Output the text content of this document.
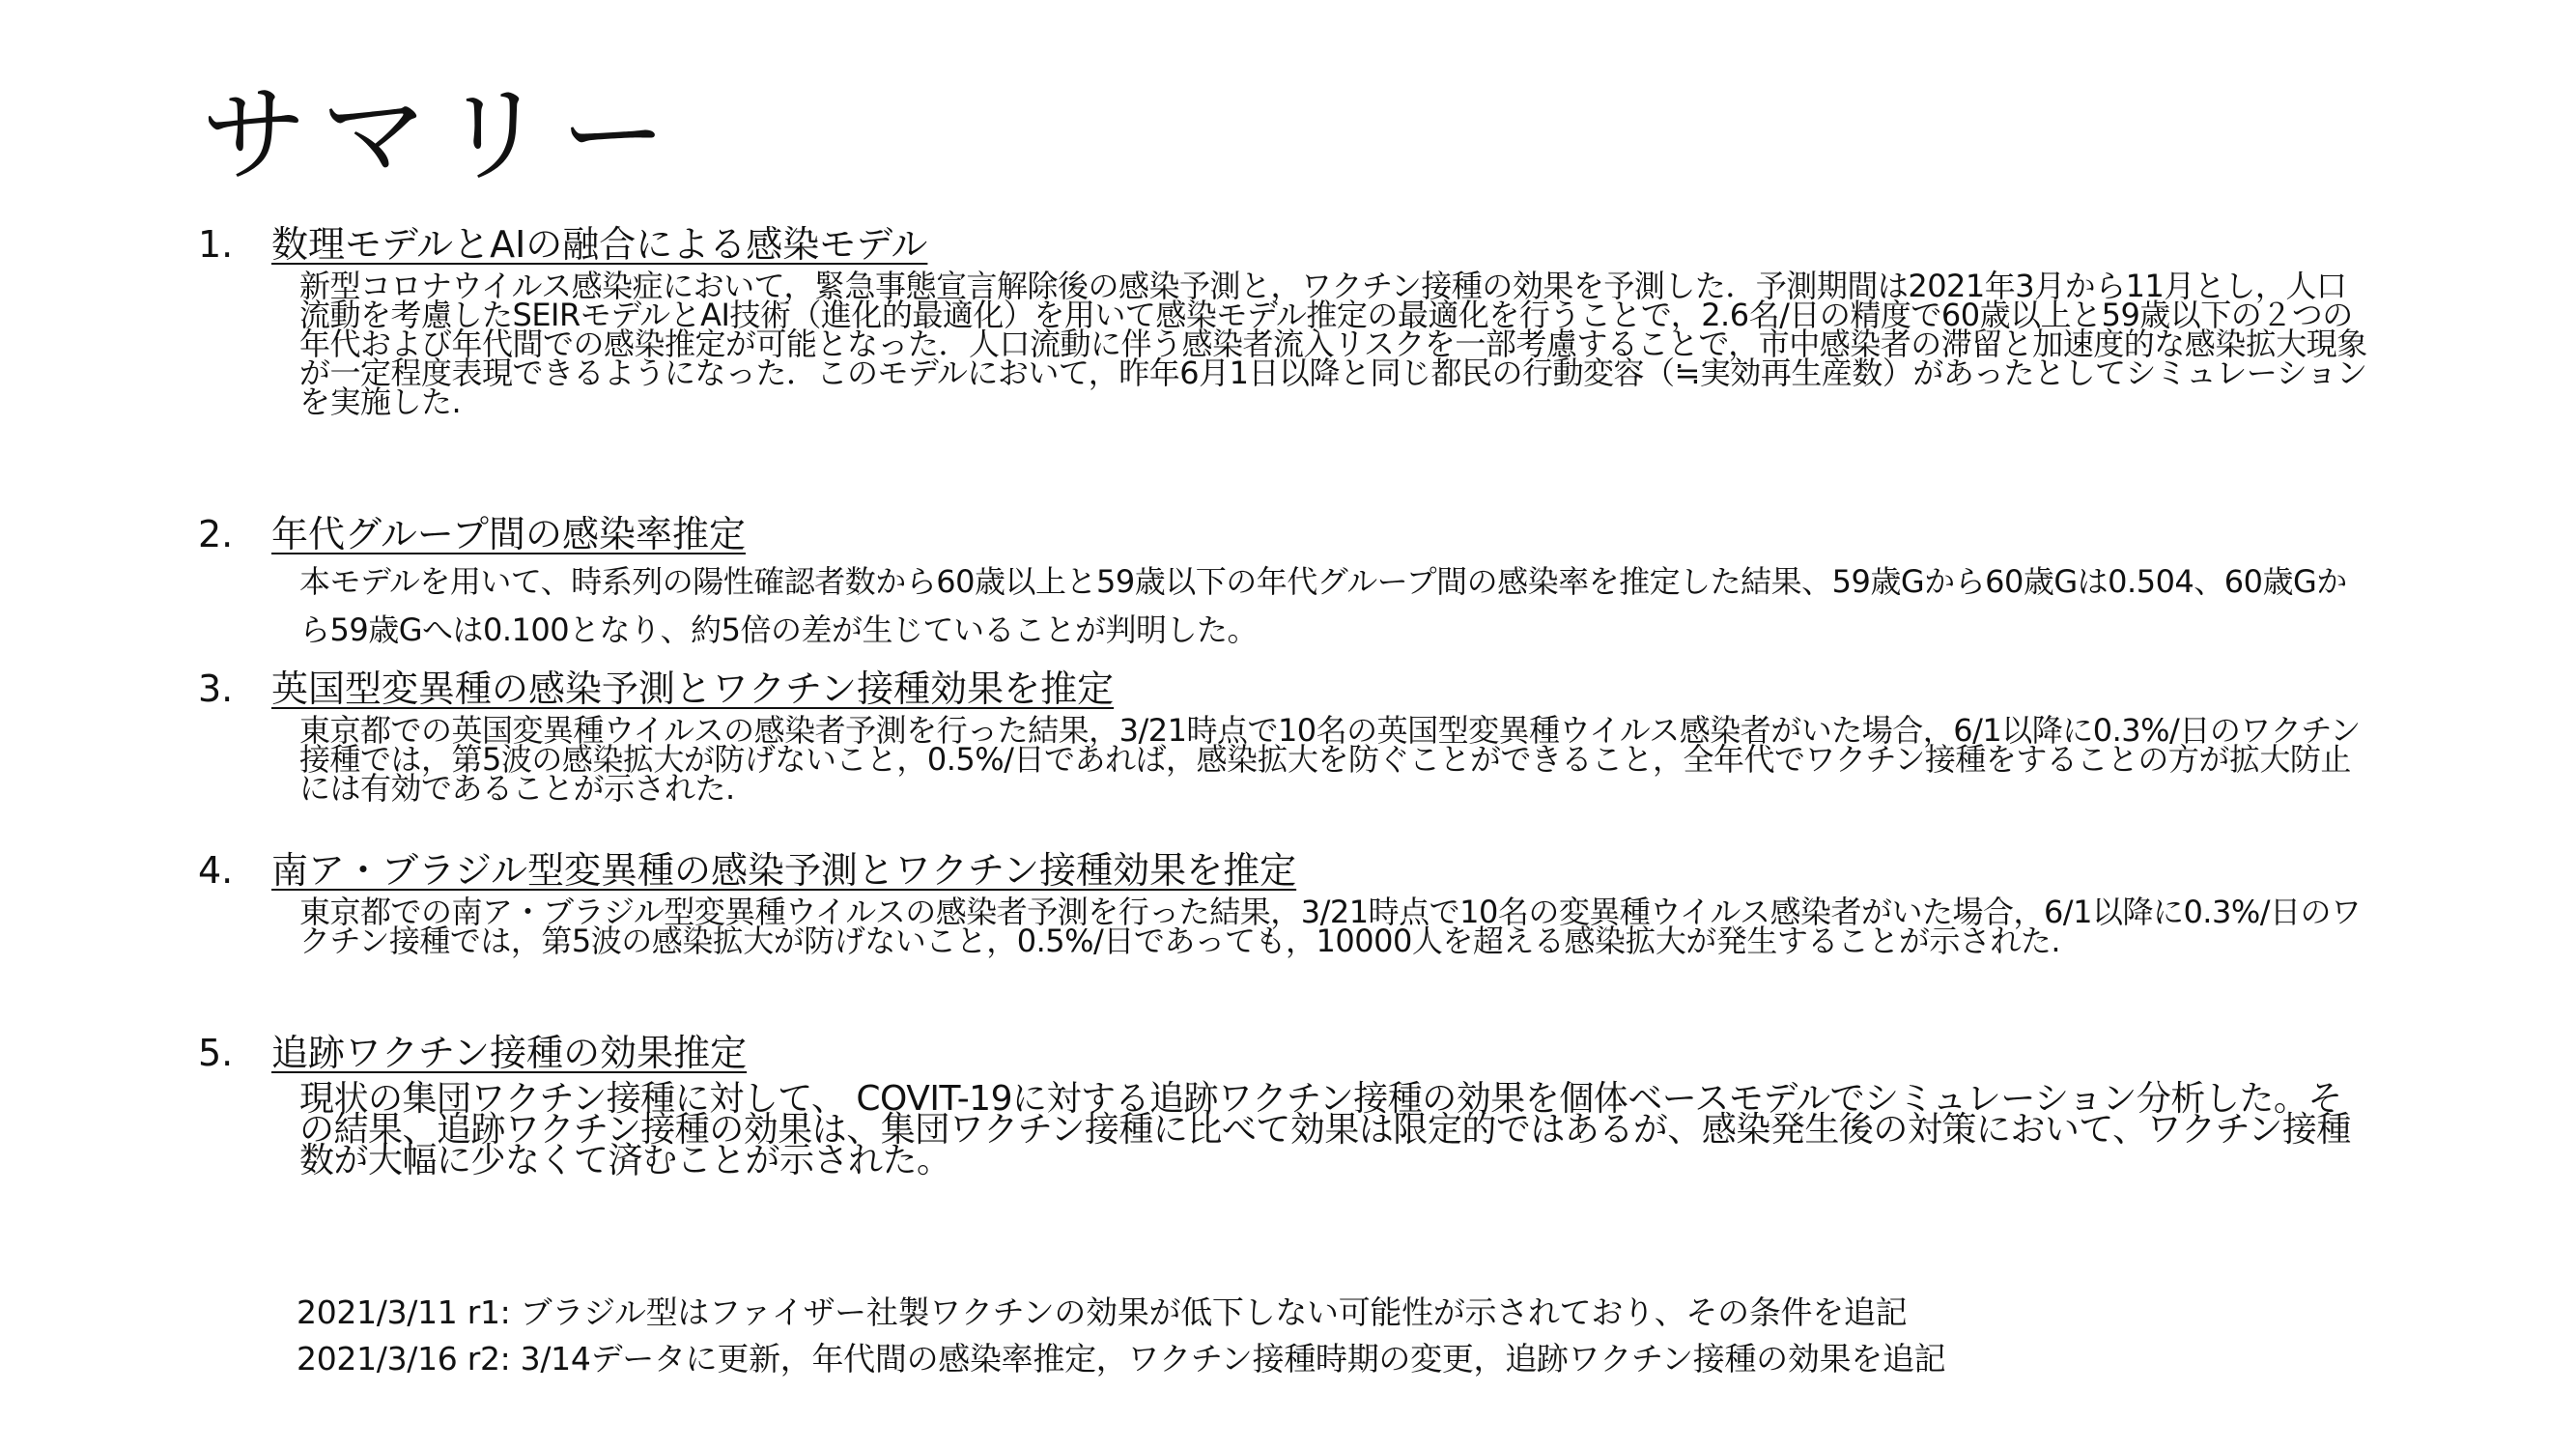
サマリー
1. 数理モデルとAIの融合による感染モデル
新型コロナウイルス感染症において，緊急事態宣言解除後の感染予測と，ワクチン接種の効果を予測した．予測期間は2021年3月から11月とし，人口流動を考慮したSEIRモデルとAI技術（進化的最適化）を用いて感染モデル推定の最適化を行うことで，2.6名/日の精度で60歳以上と59歳以下の２つの年代および年代間での感染推定が可能となった．人口流動に伴う感染者流入リスクを一部考慮することで，市中感染者の滞留と加速度的な感染拡大現象が一定程度表現できるようになった．このモデルにおいて，昨年6月1日以降と同じ都民の行動変容（≒実効再生産数）があったとしてシミュレーションを実施した.
2. 年代グループ間の感染率推定
本モデルを用いて、時系列の陽性確認者数から60歳以上と59歳以下の年代グループ間の感染率を推定した結果、59歳Gから60歳Gは0.504、60歳Gから59歳Gへは0.100となり、約5倍の差が生じていることが判明した。
3. 英国型変異種の感染予測とワクチン接種効果を推定
東京都での英国変異種ウイルスの感染者予測を行った結果，3/21時点で10名の英国型変異種ウイルス感染者がいた場合，6/1以降に0.3%/日のワクチン接種では，第5波の感染拡大が防げないこと，0.5%/日であれば，感染拡大を防ぐことができること，全年代でワクチン接種をすることの方が拡大防止には有効であることが示された.
4. 南ア・ブラジル型変異種の感染予測とワクチン接種効果を推定
東京都での南ア・ブラジル型変異種ウイルスの感染者予測を行った結果，3/21時点で10名の変異種ウイルス感染者がいた場合，6/1以降に0.3%/日のワクチン接種では，第5波の感染拡大が防げないこと，0.5%/日であっても，10000人を超える感染拡大が発生することが示された.
5. 追跡ワクチン接種の効果推定
現状の集団ワクチン接種に対して、 COVIT-19に対する追跡ワクチン接種の効果を個体ベースモデルでシミュレーション分析した。その結果、追跡ワクチン接種の効果は、集団ワクチン接種に比べて効果は限定的ではあるが、感染発生後の対策において、ワクチン接種数が大幅に少なくて済むことが示された。
2021/3/11 r1: ブラジル型はファイザー社製ワクチンの効果が低下しない可能性が示されており、その条件を追記
2021/3/16 r2: 3/14データに更新，年代間の感染率推定，ワクチン接種時期の変更，追跡ワクチン接種の効果を追記
